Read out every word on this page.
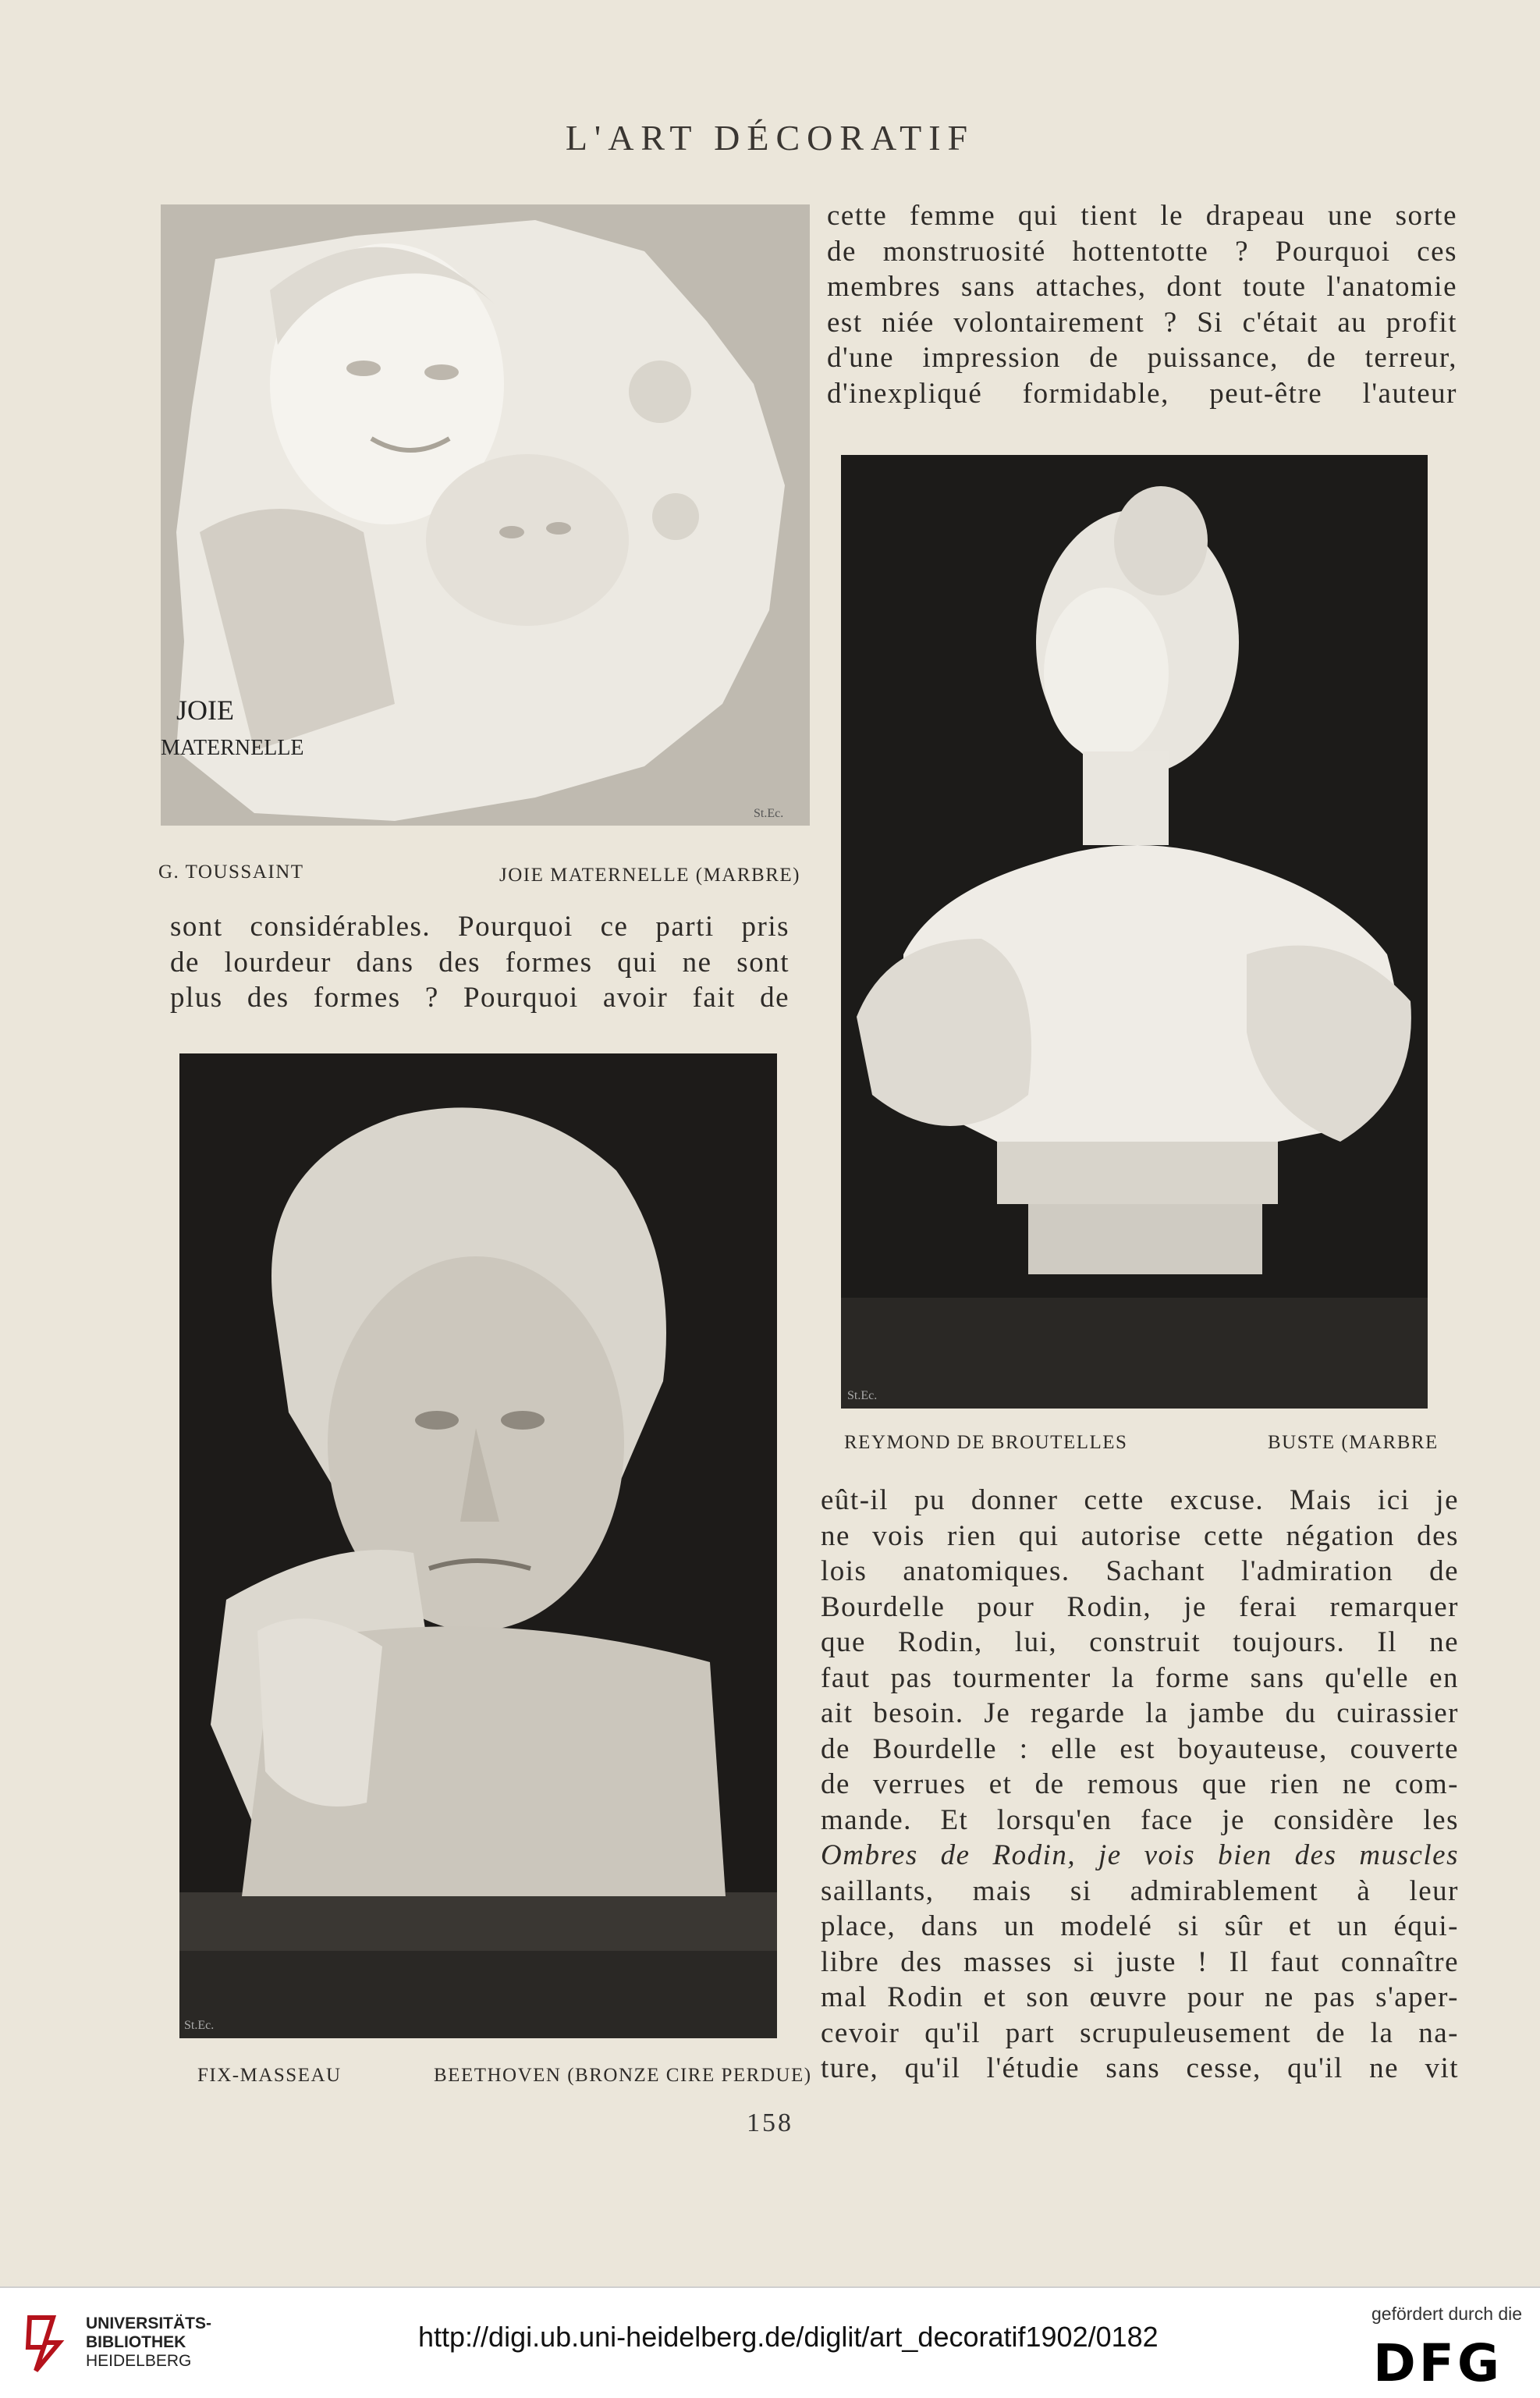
L'ART DÉCORATIF
JOIE
MATERNELLE
St.Ec.
G. TOUSSAINT	JOIE MATERNELLE (MARBRE)
cette femme qui tient le drapeau une sorte
de monstruosité hottentotte ? Pourquoi ces
membres sans attaches, dont toute l'anatomie
est niée volontairement ? Si c'était au profit
d'une impression de puissance, de terreur,
d'inexpliqué formidable, peut-être l'auteur
St.Ec.
REYMOND DE BROUTELLES	BUSTE (MARBRE
sont considérables. Pourquoi ce parti pris
de lourdeur dans des formes qui ne sont
plus des formes ? Pourquoi avoir fait de
St.Ec.
FIX-MASSEAU	BEETHOVEN (BRONZE CIRE PERDUE)
eût-il pu donner cette excuse. Mais ici je
ne vois rien qui autorise cette négation des
lois anatomiques. Sachant l'admiration de
Bourdelle pour Rodin, je ferai remarquer
que Rodin, lui, construit toujours. Il ne
faut pas tourmenter la forme sans qu'elle en
ait besoin. Je regarde la jambe du cuirassier
de Bourdelle : elle est boyauteuse, couverte
de verrues et de remous que rien ne com-
mande. Et lorsqu'en face je considère les
Ombres de Rodin, je vois bien des muscles
saillants, mais si admirablement à leur
place, dans un modelé si sûr et un équi-
libre des masses si juste ! Il faut connaître
mal Rodin et son œuvre pour ne pas s'aper-
cevoir qu'il part scrupuleusement de la na-
ture, qu'il l'étudie sans cesse, qu'il ne vit
158
UNIVERSITÄTS-
BIBLIOTHEK
HEIDELBERG
http://digi.ub.uni-heidelberg.de/diglit/art_decoratif1902/0182
gefördert durch die
DFG
